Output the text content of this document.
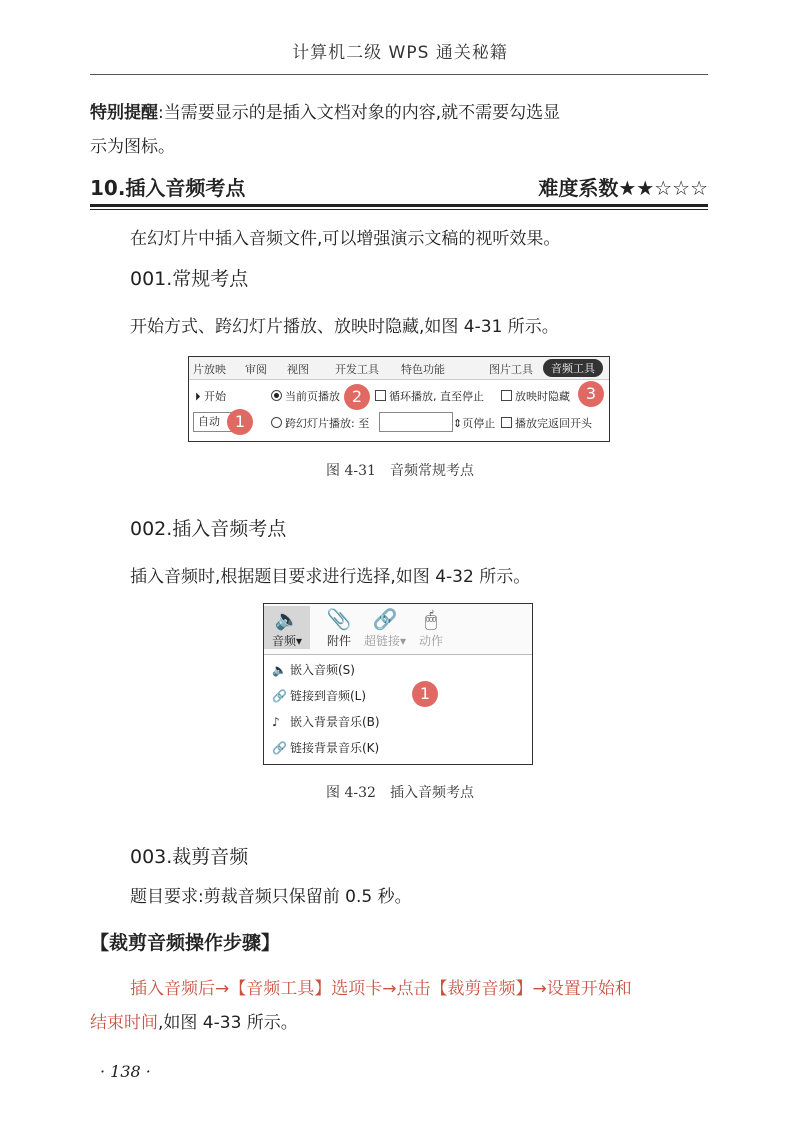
计算机二级 WPS 通关秘籍
特别提醒:当需要显示的是插入文档对象的内容,就不需要勾选显
示为图标。
10.插入音频考点	难度系数★★☆☆☆
在幻灯片中插入音频文件,可以增强演示文稿的视听效果。
001.常规考点
开始方式、跨幻灯片播放、放映时隐藏,如图 4-31 所示。
片放映 审阅 视图 开发工具 特色功能	图片工具	音频工具
⏵ 开始	当前页播放	循环播放, 直至停止	放映时隐藏
自动	跨幻灯片播放: 至	⇕页停止	播放完返回开头
1
2	3
图 4-31　音频常规考点
002.插入音频考点
插入音频时,根据题目要求进行选择,如图 4-32 所示。
🔈
音频▾
📎
附件
🔗
超链接▾
🖱
动作
🔈 嵌入音频(S)
🔗 链接到音频(L)
♪ 嵌入背景音乐(B)
🔗 链接背景音乐(K)
1
图 4-32　插入音频考点
003.裁剪音频
题目要求:剪裁音频只保留前 0.5 秒。
【裁剪音频操作步骤】
插入音频后→【音频工具】选项卡→点击【裁剪音频】→设置开始和
结束时间,如图 4-33 所示。
· 138 ·
